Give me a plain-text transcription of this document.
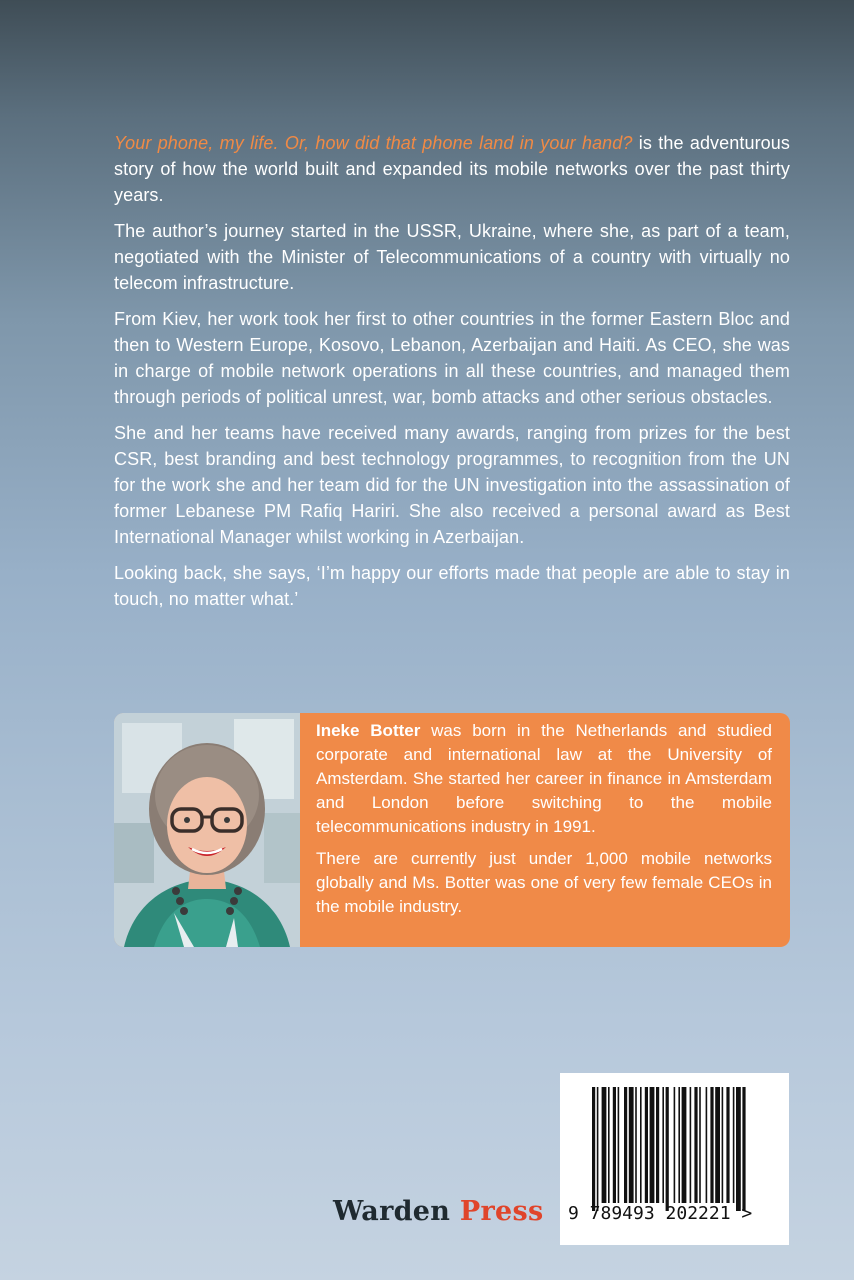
Your phone, my life. Or, how did that phone land in your hand? is the adventurous story of how the world built and expanded its mobile networks over the past thirty years.

The author’s journey started in the USSR, Ukraine, where she, as part of a team, negotiated with the Minister of Telecommunications of a country with virtually no telecom infrastructure.

From Kiev, her work took her first to other countries in the former Eastern Bloc and then to Western Europe, Kosovo, Lebanon, Azerbaijan and Haiti. As CEO, she was in charge of mobile network operations in all these countries, and managed them through periods of political unrest, war, bomb attacks and other serious obstacles.

She and her teams have received many awards, ranging from prizes for the best CSR, best branding and best technology programmes, to recognition from the UN for the work she and her team did for the UN investigation into the assassination of former Lebanese PM Rafiq Hariri. She also received a personal award as Best International Manager whilst working in Azerbaijan.

Looking back, she says, ‘I’m happy our efforts made that people are able to stay in touch, no matter what.’

Ineke Botter was born in the Netherlands and studied corporate and international law at the University of Amsterdam. She started her career in finance in Amsterdam and London before switching to the mobile telecommunications industry in 1991.

There are currently just under 1,000 mobile networks globally and Ms. Botter was one of very few female CEOs in the mobile industry.

Warden Press 9 789493 202221 >
